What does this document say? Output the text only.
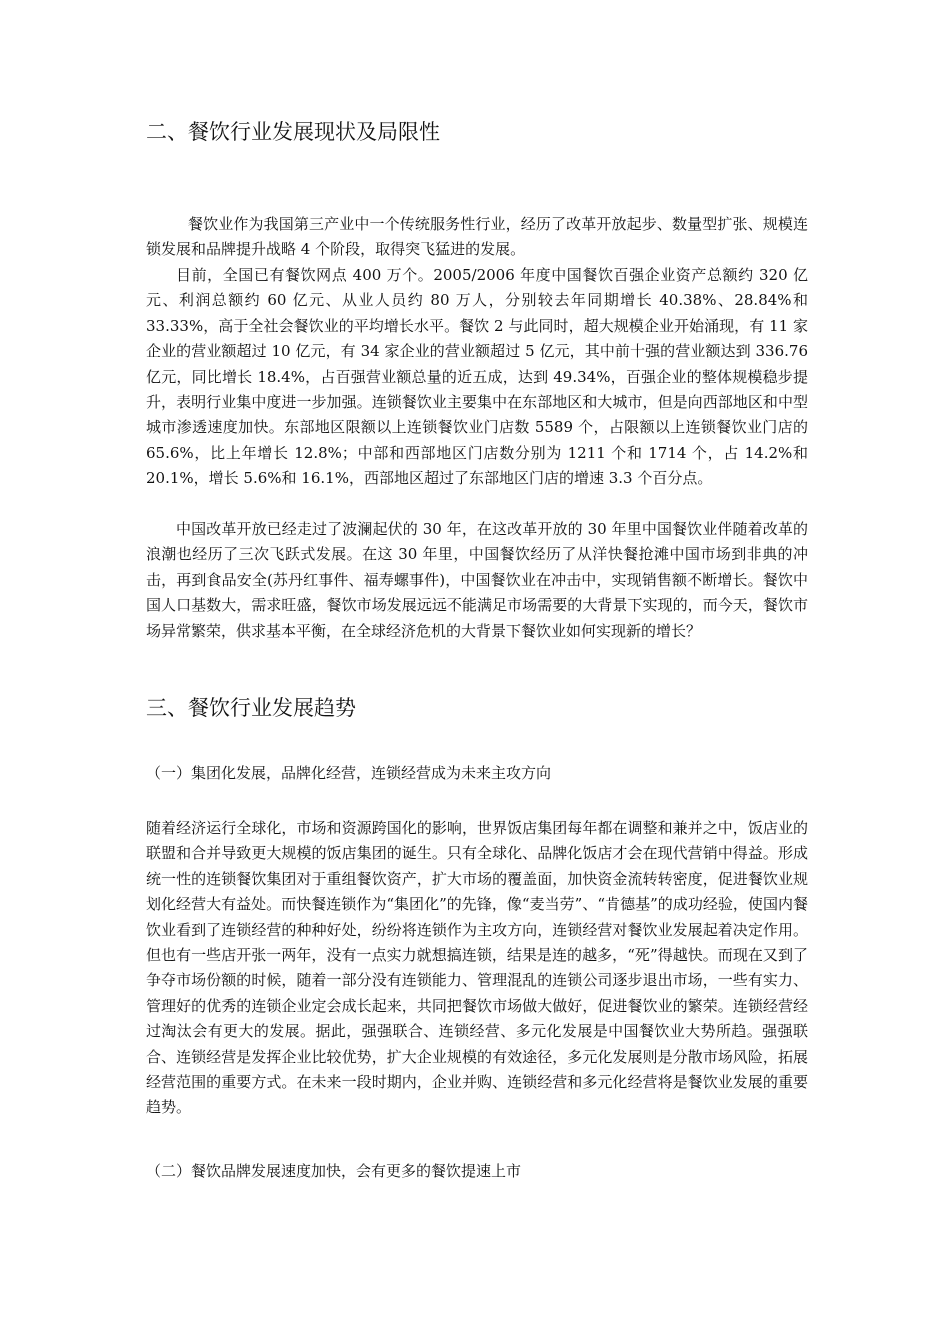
二、餐饮行业发展现状及局限性

餐饮业作为我国第三产业中一个传统服务性行业，经历了改革开放起步、数量型扩张、规模连锁发展和品牌提升战略 4 个阶段，取得突飞猛进的发展。

目前，全国已有餐饮网点 400 万个。2005/2006 年度中国餐饮百强企业资产总额约 320 亿元、利润总额约 60 亿元、从业人员约 80 万人，分别较去年同期增长 40.38%、28.84%和 33.33%，高于全社会餐饮业的平均增长水平。餐饮 2 与此同时，超大规模企业开始涌现，有 11 家企业的营业额超过 10 亿元，有 34 家企业的营业额超过 5 亿元，其中前十强的营业额达到 336.76 亿元，同比增长 18.4%，占百强营业额总量的近五成，达到 49.34%，百强企业的整体规模稳步提升，表明行业集中度进一步加强。连锁餐饮业主要集中在东部地区和大城市，但是向西部地区和中型城市渗透速度加快。东部地区限额以上连锁餐饮业门店数 5589 个，占限额以上连锁餐饮业门店的 65.6%，比上年增长 12.8%；中部和西部地区门店数分别为 1211 个和 1714 个，占 14.2%和 20.1%，增长 5.6%和 16.1%，西部地区超过了东部地区门店的增速 3.3 个百分点。

中国改革开放已经走过了波澜起伏的 30 年，在这改革开放的 30 年里中国餐饮业伴随着改革的浪潮也经历了三次飞跃式发展。在这 30 年里，中国餐饮经历了从洋快餐抢滩中国市场到非典的冲击，再到食品安全(苏丹红事件、福寿螺事件)，中国餐饮业在冲击中，实现销售额不断增长。餐饮中国人口基数大，需求旺盛，餐饮市场发展远远不能满足市场需要的大背景下实现的，而今天，餐饮市场异常繁荣，供求基本平衡，在全球经济危机的大背景下餐饮业如何实现新的增长？

三、餐饮行业发展趋势

（一）集团化发展，品牌化经营，连锁经营成为未来主攻方向

随着经济运行全球化，市场和资源跨国化的影响，世界饭店集团每年都在调整和兼并之中，饭店业的联盟和合并导致更大规模的饭店集团的诞生。只有全球化、品牌化饭店才会在现代营销中得益。形成统一性的连锁餐饮集团对于重组餐饮资产，扩大市场的覆盖面，加快资金流转转密度，促进餐饮业规划化经营大有益处。而快餐连锁作为“集团化”的先锋，像“麦当劳”、“肯德基”的成功经验，使国内餐饮业看到了连锁经营的种种好处，纷纷将连锁作为主攻方向，连锁经营对餐饮业发展起着决定作用。但也有一些店开张一两年，没有一点实力就想搞连锁，结果是连的越多，“死”得越快。而现在又到了争夺市场份额的时候，随着一部分没有连锁能力、管理混乱的连锁公司逐步退出市场，一些有实力、管理好的优秀的连锁企业定会成长起来，共同把餐饮市场做大做好，促进餐饮业的繁荣。连锁经营经过淘汰会有更大的发展。据此，强强联合、连锁经营、多元化发展是中国餐饮业大势所趋。强强联合、连锁经营是发挥企业比较优势，扩大企业规模的有效途径，多元化发展则是分散市场风险，拓展经营范围的重要方式。在未来一段时期内，企业并购、连锁经营和多元化经营将是餐饮业发展的重要趋势。

（二）餐饮品牌发展速度加快，会有更多的餐饮提速上市
